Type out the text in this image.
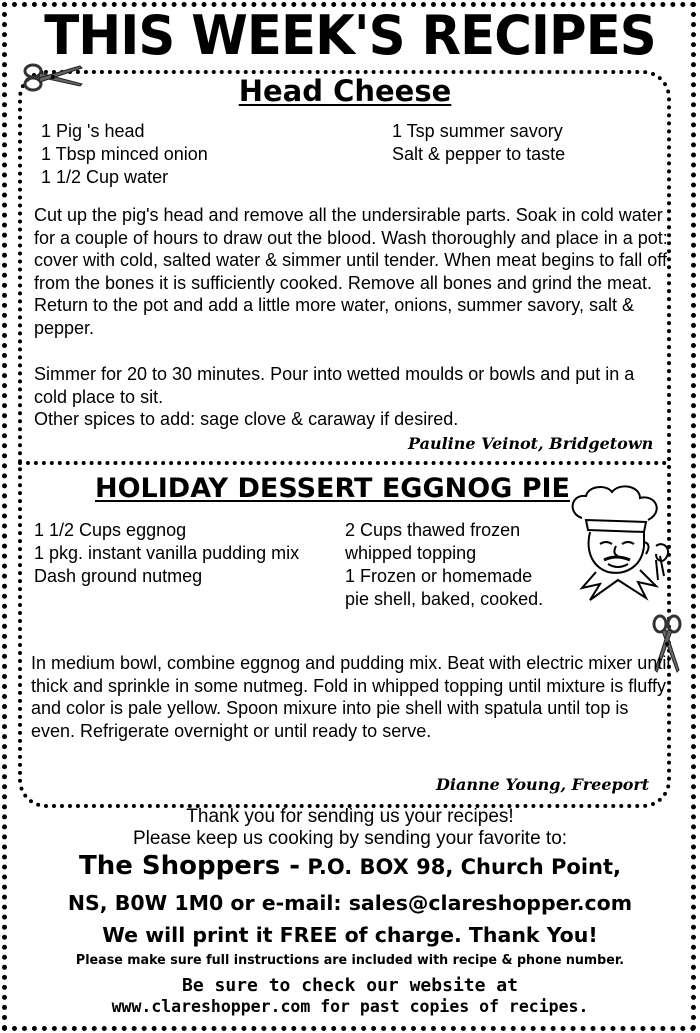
THIS WEEK'S RECIPES
Head Cheese
1 Pig 's head
1 Tbsp minced onion
1 1/2 Cup water
1 Tsp summer savory
Salt & pepper to taste

Cut up the pig's head and remove all the undersirable parts. Soak in cold water for a couple of hours to draw out the blood. Wash thoroughly and place in a pot: cover with cold, salted water & simmer until tender. When meat begins to fall off from the bones it is sufficiently cooked. Remove all bones and grind the meat. Return to the pot and add a little more water, onions, summer savory, salt & pepper.

Simmer for 20 to 30 minutes. Pour into wetted moulds or bowls and put in a cold place to sit.

Other spices to add: sage clove & caraway if desired.

Pauline Veinot, Bridgetown
HOLIDAY DESSERT EGGNOG PIE
1 1/2 Cups eggnog
1 pkg. instant vanilla pudding mix
Dash ground nutmeg
2 Cups thawed frozen
whipped topping
1 Frozen or homemade
pie shell, baked, cooked.

In medium bowl, combine eggnog and pudding mix. Beat with electric mixer until thick and sprinkle in some nutmeg. Fold in whipped topping until mixture is fluffy and color is pale yellow. Spoon mixure into pie shell with spatula until top is even. Refrigerate overnight or until ready to serve.

Dianne Young, Freeport
Thank you for sending us your recipes!
Please keep us cooking by sending your favorite to:
The Shoppers - P.O. BOX 98, Church Point,
NS, B0W 1M0 or e-mail: sales@clareshopper.com
We will print it FREE of charge. Thank You!
Please make sure full instructions are included with recipe & phone number.
Be sure to check our website at
www.clareshopper.com for past copies of recipes.
